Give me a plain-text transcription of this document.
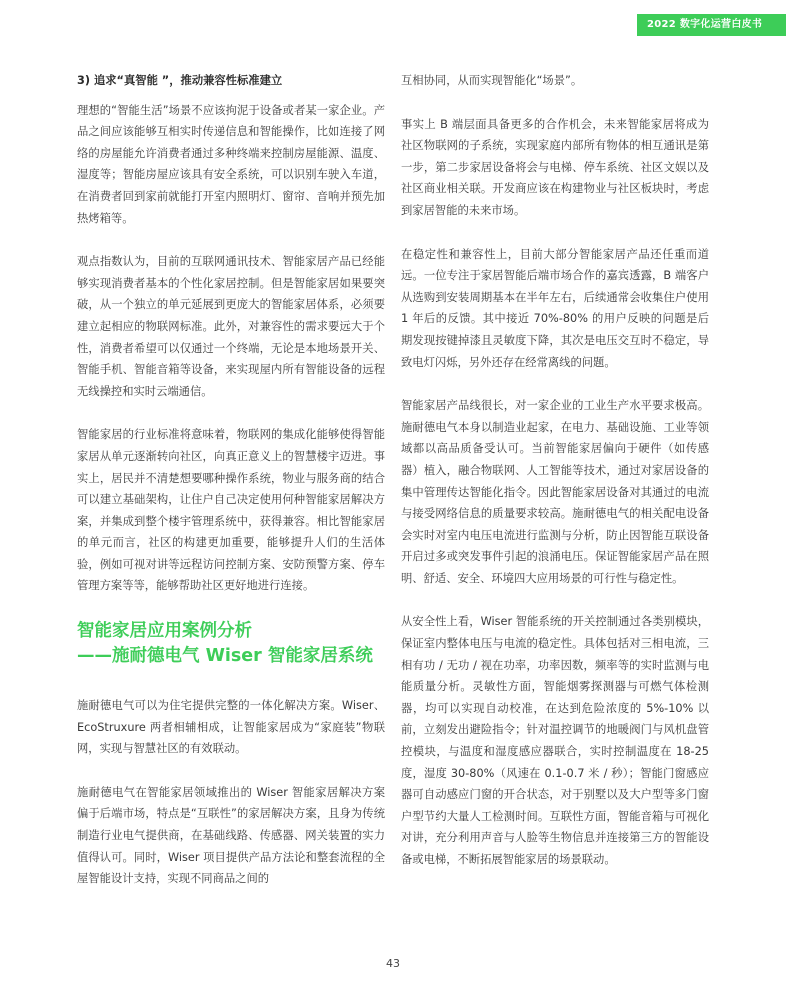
2022 数字化运营白皮书
3) 追求“真智能 ”，推动兼容性标准建立

理想的“智能生活”场景不应该拘泥于设备或者某一家企业。产品之间应该能够互相实时传递信息和智能操作，比如连接了网络的房屋能允许消费者通过多种终端来控制房屋能源、温度、湿度等；智能房屋应该具有安全系统，可以识别车驶入车道，在消费者回到家前就能打开室内照明灯、窗帘、音响并预先加热烤箱等。

观点指数认为，目前的互联网通讯技术、智能家居产品已经能够实现消费者基本的个性化家居控制。但是智能家居如果要突破，从一个独立的单元延展到更庞大的智能家居体系，必须要建立起相应的物联网标准。此外，对兼容性的需求要远大于个性，消费者希望可以仅通过一个终端，无论是本地场景开关、智能手机、智能音箱等设备，来实现屋内所有智能设备的远程无线操控和实时云端通信。

智能家居的行业标准将意味着，物联网的集成化能够使得智能家居从单元逐渐转向社区，向真正意义上的智慧楼宇迈进。事实上，居民并不清楚想要哪种操作系统，物业与服务商的结合可以建立基础架构，让住户自己决定使用何种智能家居解决方案，并集成到整个楼宇管理系统中，获得兼容。相比智能家居的单元而言，社区的构建更加重要，能够提升人们的生活体验，例如可视对讲等远程访问控制方案、安防预警方案、停车管理方案等等，能够帮助社区更好地进行连接。

智能家居应用案例分析
——施耐德电气 Wiser 智能家居系统

施耐德电气可以为住宅提供完整的一体化解决方案。Wiser、EcoStruxure 两者相辅相成，让智能家居成为“家庭装”物联网，实现与智慧社区的有效联动。

施耐德电气在智能家居领域推出的 Wiser 智能家居解决方案偏于后端市场，特点是“互联性”的家居解决方案，且身为传统制造行业电气提供商，在基础线路、传感器、网关装置的实力值得认可。同时，Wiser 项目提供产品方法论和整套流程的全屋智能设计支持，实现不同商品之间的

互相协同，从而实现智能化“场景”。

事实上 B 端层面具备更多的合作机会，未来智能家居将成为社区物联网的子系统，实现家庭内部所有物体的相互通讯是第一步，第二步家居设备将会与电梯、停车系统、社区文娱以及社区商业相关联。开发商应该在构建物业与社区板块时，考虑到家居智能的未来市场。

在稳定性和兼容性上，目前大部分智能家居产品还任重而道远。一位专注于家居智能后端市场合作的嘉宾透露，B 端客户从选购到安装周期基本在半年左右，后续通常会收集住户使用 1 年后的反馈。其中接近 70%-80% 的用户反映的问题是后期发现按键掉漆且灵敏度下降，其次是电压交互时不稳定，导致电灯闪烁，另外还存在经常离线的问题。

智能家居产品线很长，对一家企业的工业生产水平要求极高。施耐德电气本身以制造业起家，在电力、基础设施、工业等领域都以高品质备受认可。当前智能家居偏向于硬件（如传感器）植入，融合物联网、人工智能等技术，通过对家居设备的集中管理传达智能化指令。因此智能家居设备对其通过的电流与接受网络信息的质量要求较高。施耐德电气的相关配电设备会实时对室内电压电流进行监测与分析，防止因智能互联设备开启过多或突发事件引起的浪涌电压。保证智能家居产品在照明、舒适、安全、环境四大应用场景的可行性与稳定性。

从安全性上看，Wiser 智能系统的开关控制通过各类别模块，保证室内整体电压与电流的稳定性。具体包括对三相电流，三相有功 / 无功 / 视在功率，功率因数，频率等的实时监测与电能质量分析。灵敏性方面，智能烟雾探测器与可燃气体检测器，均可以实现自动校准，在达到危险浓度的 5%-10% 以前，立刻发出避险指令；针对温控调节的地暖阀门与风机盘管控模块，与温度和湿度感应器联合，实时控制温度在 18-25 度，湿度 30-80%（风速在 0.1-0.7 米 / 秒）；智能门窗感应器可自动感应门窗的开合状态，对于别墅以及大户型等多门窗户型节约大量人工检测时间。互联性方面，智能音箱与可视化对讲，充分利用声音与人脸等生物信息并连接第三方的智能设备或电梯，不断拓展智能家居的场景联动。

43
